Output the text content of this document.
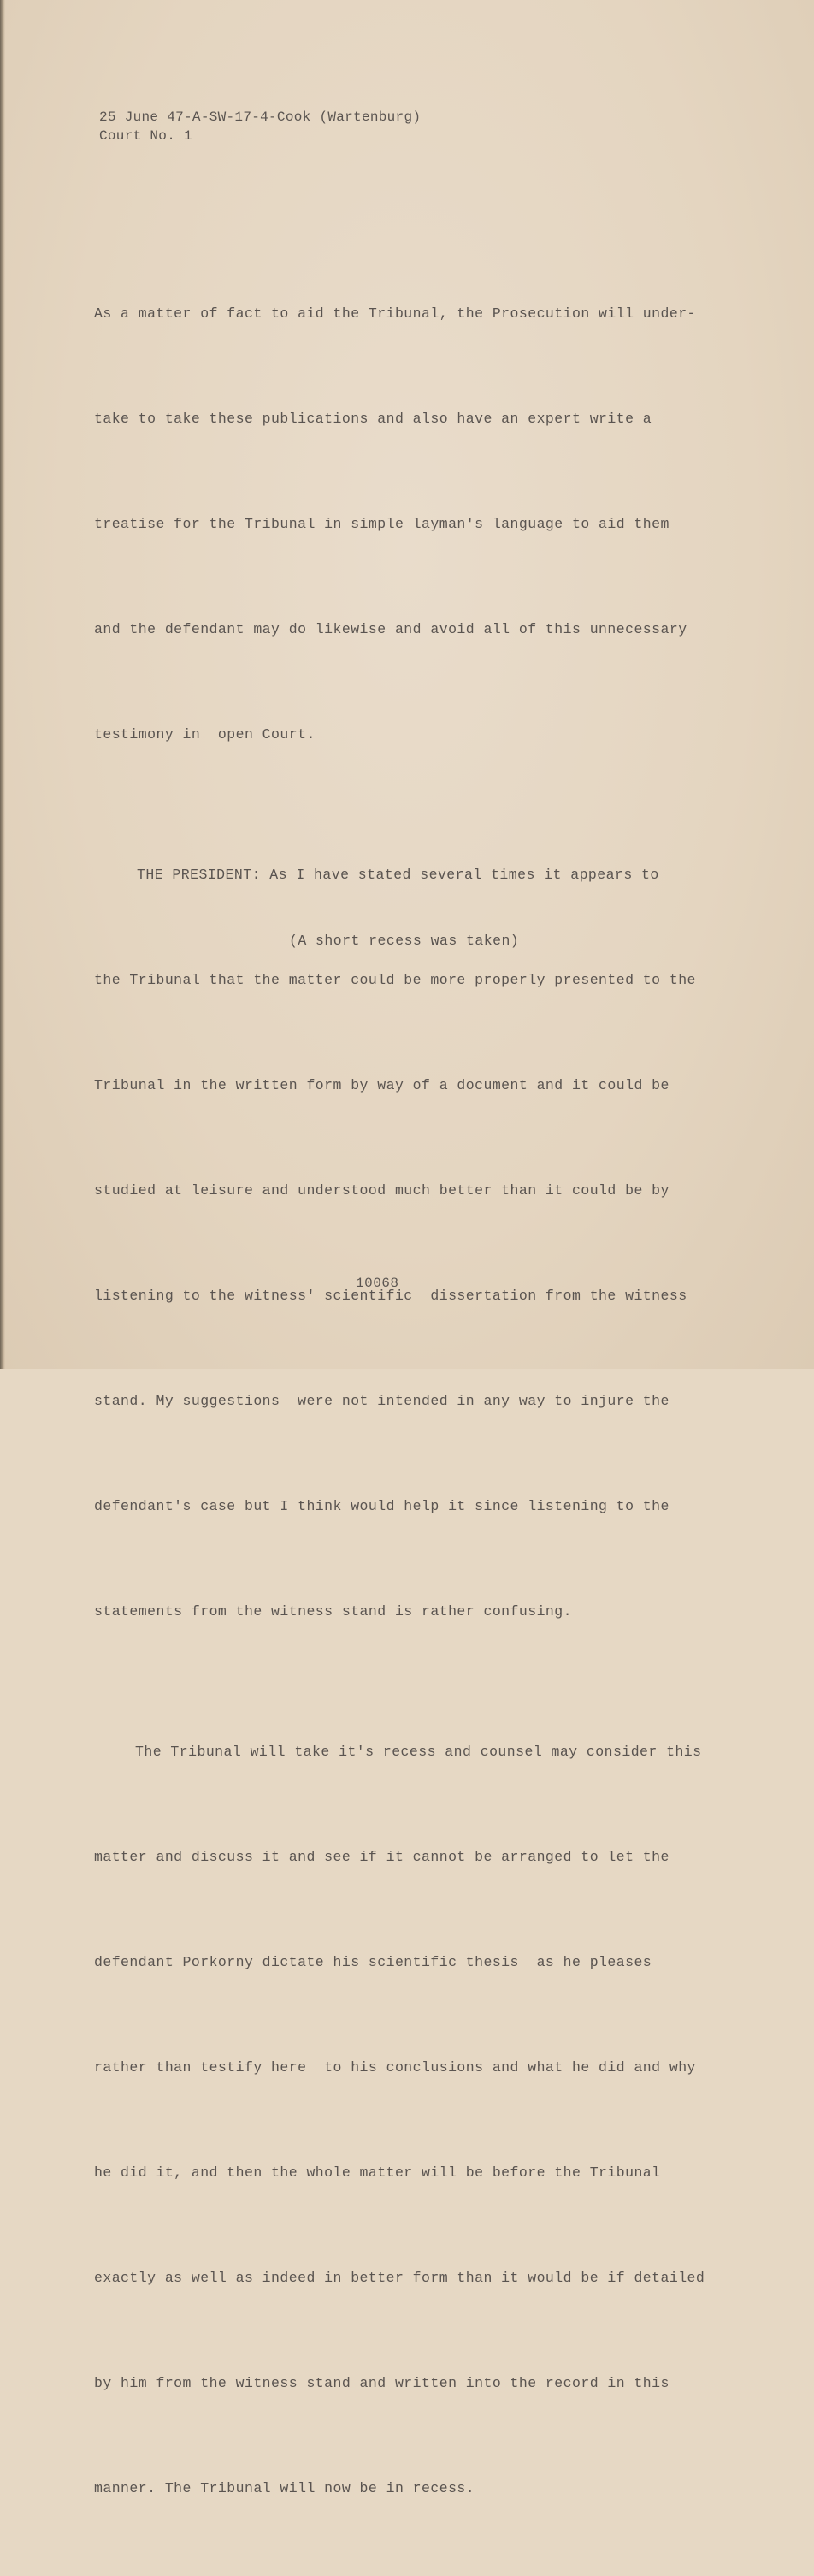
25 June 47-A-SW-17-4-Cook (Wartenburg)
Court No. 1

As a matter of fact to aid the Tribunal, the Prosecution will under-

take to take these publications and also have an expert write a

treatise for the Tribunal in simple layman's language to aid them

and the defendant may do likewise and avoid all of this unnecessary

testimony in  open Court.

THE PRESIDENT: As I have stated several times it appears to

the Tribunal that the matter could be more properly presented to the

Tribunal in the written form by way of a document and it could be

studied at leisure and understood much better than it could be by

listening to the witness' scientific  dissertation from the witness

stand. My suggestions  were not intended in any way to injure the

defendant's case but I think would help it since listening to the

statements from the witness stand is rather confusing.

The Tribunal will take it's recess and counsel may consider this

matter and discuss it and see if it cannot be arranged to let the

defendant Porkorny dictate his scientific thesis  as he pleases

rather than testify here  to his conclusions and what he did and why

he did it, and then the whole matter will be before the Tribunal

exactly as well as indeed in better form than it would be if detailed

by him from the witness stand and written into the record in this

manner. The Tribunal will now be in recess.

(A short recess was taken)
10068
